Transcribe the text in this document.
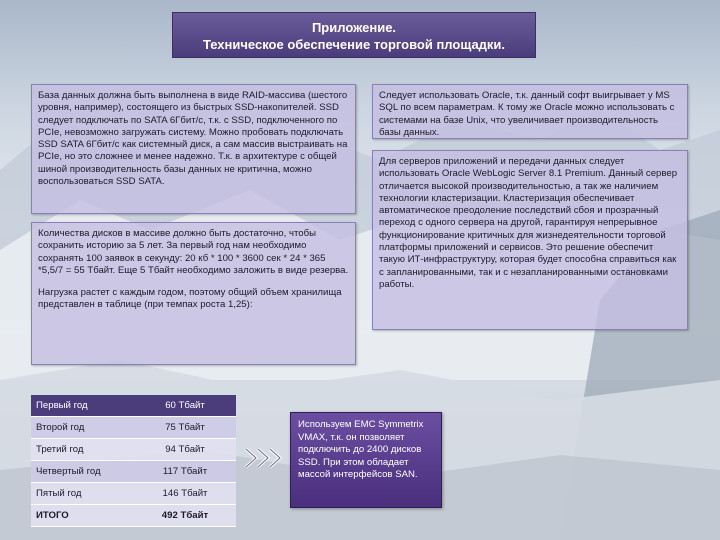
Приложение.
Техническое обеспечение торговой площадки.

База данных должна быть выполнена в виде RAID-массива (шестого уровня, например), состоящего из быстрых SSD-накопителей. SSD следует подключать по SATA 6Гбит/с, т.к. с SSD, подключенного по PCIe, невозможно загружать систему. Можно пробовать подключать SSD SATA 6Гбит/с как системный диск, а сам массив выстраивать на PCIe, но это сложнее и менее надежно. Т.к. в архитектуре с общей шиной производительность базы данных не критична, можно воспользоваться SSD SATA.

Количества дисков в массиве должно быть достаточно, чтобы сохранить историю за 5 лет. За первый год нам необходимо сохранять 100 заявок в секунду: 20 кб * 100 * 3600 сек * 24 * 365 *5,5/7 = 55 Тбайт. Еще 5 Тбайт необходимо заложить в виде резерва.

Нагрузка растет с каждым годом, поэтому общий объем хранилища представлен в таблице (при темпах роста 1,25):

Следует использовать Oracle, т.к. данный софт выигрывает у MS SQL по всем параметрам. К тому же Oracle можно использовать с системами на базе Unix, что увеличивает производительность базы данных.

Для серверов приложений и передачи данных следует использовать Oracle WebLogic Server 8.1 Premium. Данный сервер отличается высокой производительностью, а так же наличием технологии кластеризации. Кластеризация обеспечивает автоматическое преодоление последствий сбоя и прозрачный переход с одного сервера на другой, гарантируя непрерывное функционирование критичных для жизнедеятельности торговой платформы приложений и сервисов. Это решение обеспечит такую ИТ-инфраструктуру, которая будет способна справиться как с запланированными, так и с незапланированными остановками работы.

Первый год	60 Тбайт
Второй год	75 Тбайт
Третий год	94 Тбайт
Четвертый год	117 Тбайт
Пятый год	146 Тбайт
ИТОГО	492 Тбайт
Используем EMC Symmetrix VMAX, т.к. он позволяет подключить до 2400 дисков SSD. При этом обладает массой интерфейсов SAN.
